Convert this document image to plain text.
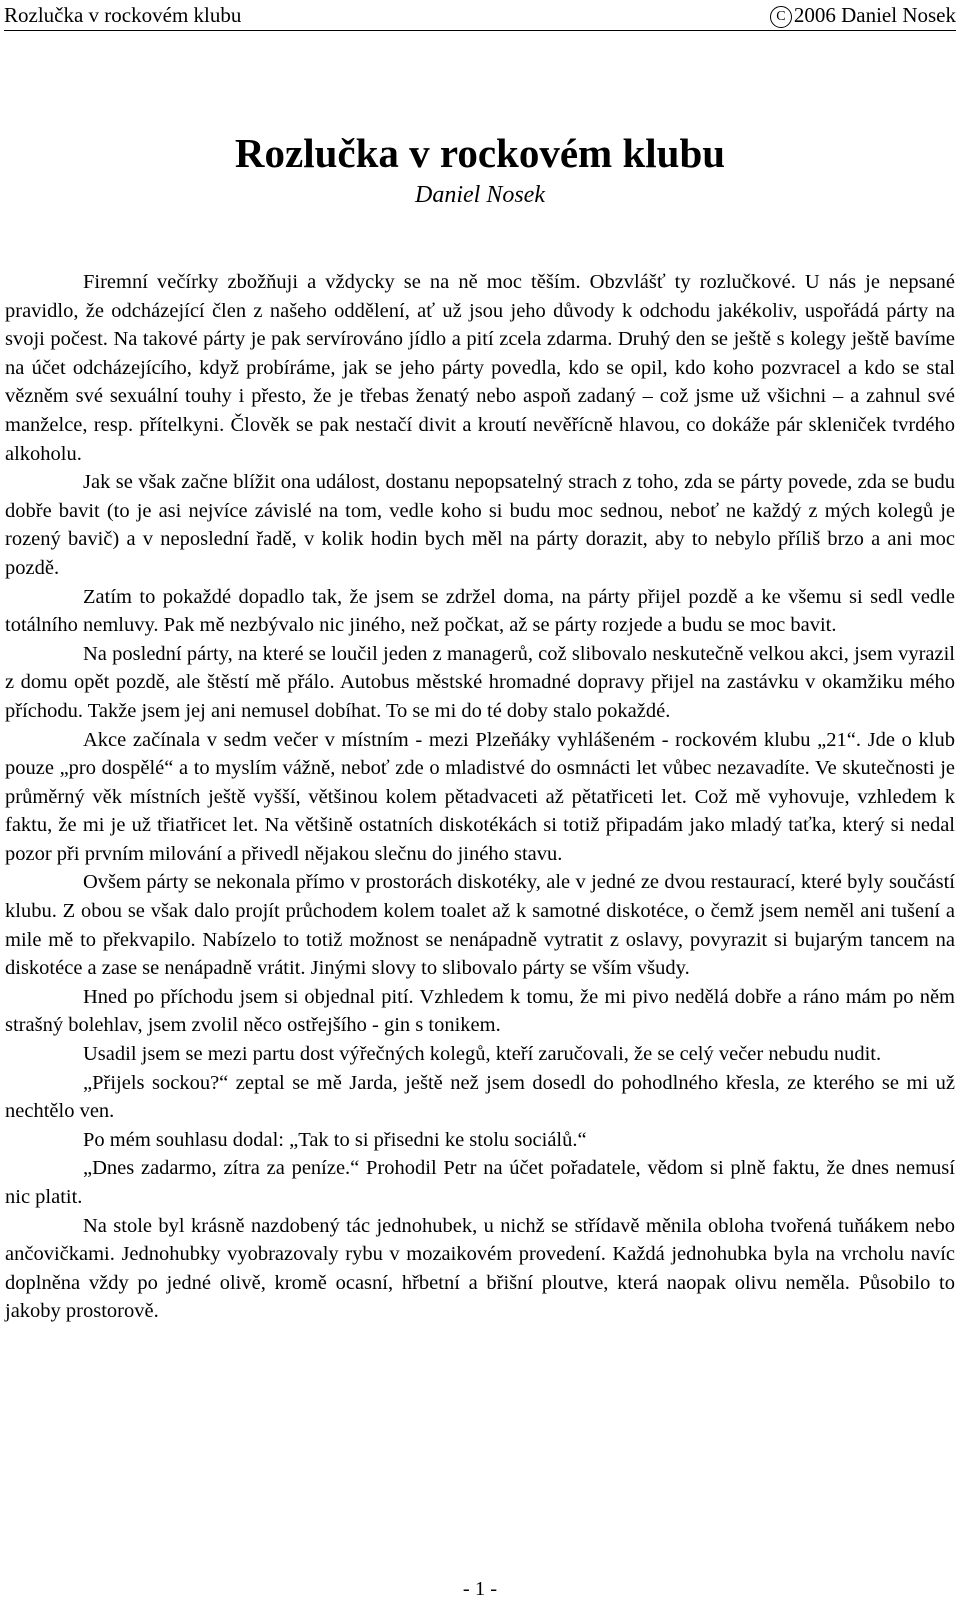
Rozlučka v rockovém klubu	C 2006 Daniel Nosek
Rozlučka v rockovém klubu
Daniel Nosek

Firemní večírky zbožňuji a vždycky se na ně moc těším. Obzvlášť ty rozlučkové. U nás je nepsané pravidlo, že odcházející člen z našeho oddělení, ať už jsou jeho důvody k odchodu jakékoliv, uspořádá párty na svoji počest. Na takové párty je pak servírováno jídlo a pití zcela zdarma. Druhý den se ještě s kolegy ještě bavíme na účet odcházejícího, když probíráme, jak se jeho párty povedla, kdo se opil, kdo koho pozvracel a kdo se stal vězněm své sexuální touhy i přesto, že je třebas ženatý nebo aspoň zadaný – což jsme už všichni – a zahnul své manželce, resp. přítelkyni. Člověk se pak nestačí divit a kroutí nevěřícně hlavou, co dokáže pár skleniček tvrdého alkoholu.

Jak se však začne blížit ona událost, dostanu nepopsatelný strach z toho, zda se párty povede, zda se budu dobře bavit (to je asi nejvíce závislé na tom, vedle koho si budu moc sednou, neboť ne každý z mých kolegů je rozený bavič) a v neposlední řadě, v kolik hodin bych měl na párty dorazit, aby to nebylo příliš brzo a ani moc pozdě.

Zatím to pokaždé dopadlo tak, že jsem se zdržel doma, na párty přijel pozdě a ke všemu si sedl vedle totálního nemluvy. Pak mě nezbývalo nic jiného, než počkat, až se párty rozjede a budu se moc bavit.

Na poslední párty, na které se loučil jeden z managerů, což slibovalo neskutečně velkou akci, jsem vyrazil z domu opět pozdě, ale štěstí mě přálo. Autobus městské hromadné dopravy přijel na zastávku v okamžiku mého příchodu. Takže jsem jej ani nemusel dobíhat. To se mi do té doby stalo pokaždé.

Akce začínala v sedm večer v místním - mezi Plzeňáky vyhlášeném - rockovém klubu „21“. Jde o klub pouze „pro dospělé“ a to myslím vážně, neboť zde o mladistvé do osmnácti let vůbec nezavadíte. Ve skutečnosti je průměrný věk místních ještě vyšší, většinou kolem pětadvaceti až pětatřiceti let. Což mě vyhovuje, vzhledem k faktu, že mi je už třiatřicet let. Na většině ostatních diskotékách si totiž připadám jako mladý taťka, který si nedal pozor při prvním milování a přivedl nějakou slečnu do jiného stavu.

Ovšem párty se nekonala přímo v prostorách diskotéky, ale v jedné ze dvou restaurací, které byly součástí klubu. Z obou se však dalo projít průchodem kolem toalet až k samotné diskotéce, o čemž jsem neměl ani tušení a mile mě to překvapilo. Nabízelo to totiž možnost se nenápadně vytratit z oslavy, povyrazit si bujarým tancem na diskotéce a zase se nenápadně vrátit. Jinými slovy to slibovalo párty se vším všudy.

Hned po příchodu jsem si objednal pití. Vzhledem k tomu, že mi pivo nedělá dobře a ráno mám po něm strašný bolehlav, jsem zvolil něco ostřejšího - gin s tonikem.

Usadil jsem se mezi partu dost výřečných kolegů, kteří zaručovali, že se celý večer nebudu nudit.

„Přijels sockou?“ zeptal se mě Jarda, ještě než jsem dosedl do pohodlného křesla, ze kterého se mi už nechtělo ven.

Po mém souhlasu dodal: „Tak to si přisedni ke stolu sociálů.“

„Dnes zadarmo, zítra za peníze.“ Prohodil Petr na účet pořadatele, vědom si plně faktu, že dnes nemusí nic platit.

Na stole byl krásně nazdobený tác jednohubek, u nichž se střídavě měnila obloha tvořená tuňákem nebo ančovičkami. Jednohubky vyobrazovaly rybu v mozaikovém provedení. Každá jednohubka byla na vrcholu navíc doplněna vždy po jedné olivě, kromě ocasní, hřbetní a břišní ploutve, která naopak olivu neměla. Působilo to jakoby prostorově.

- 1 -
